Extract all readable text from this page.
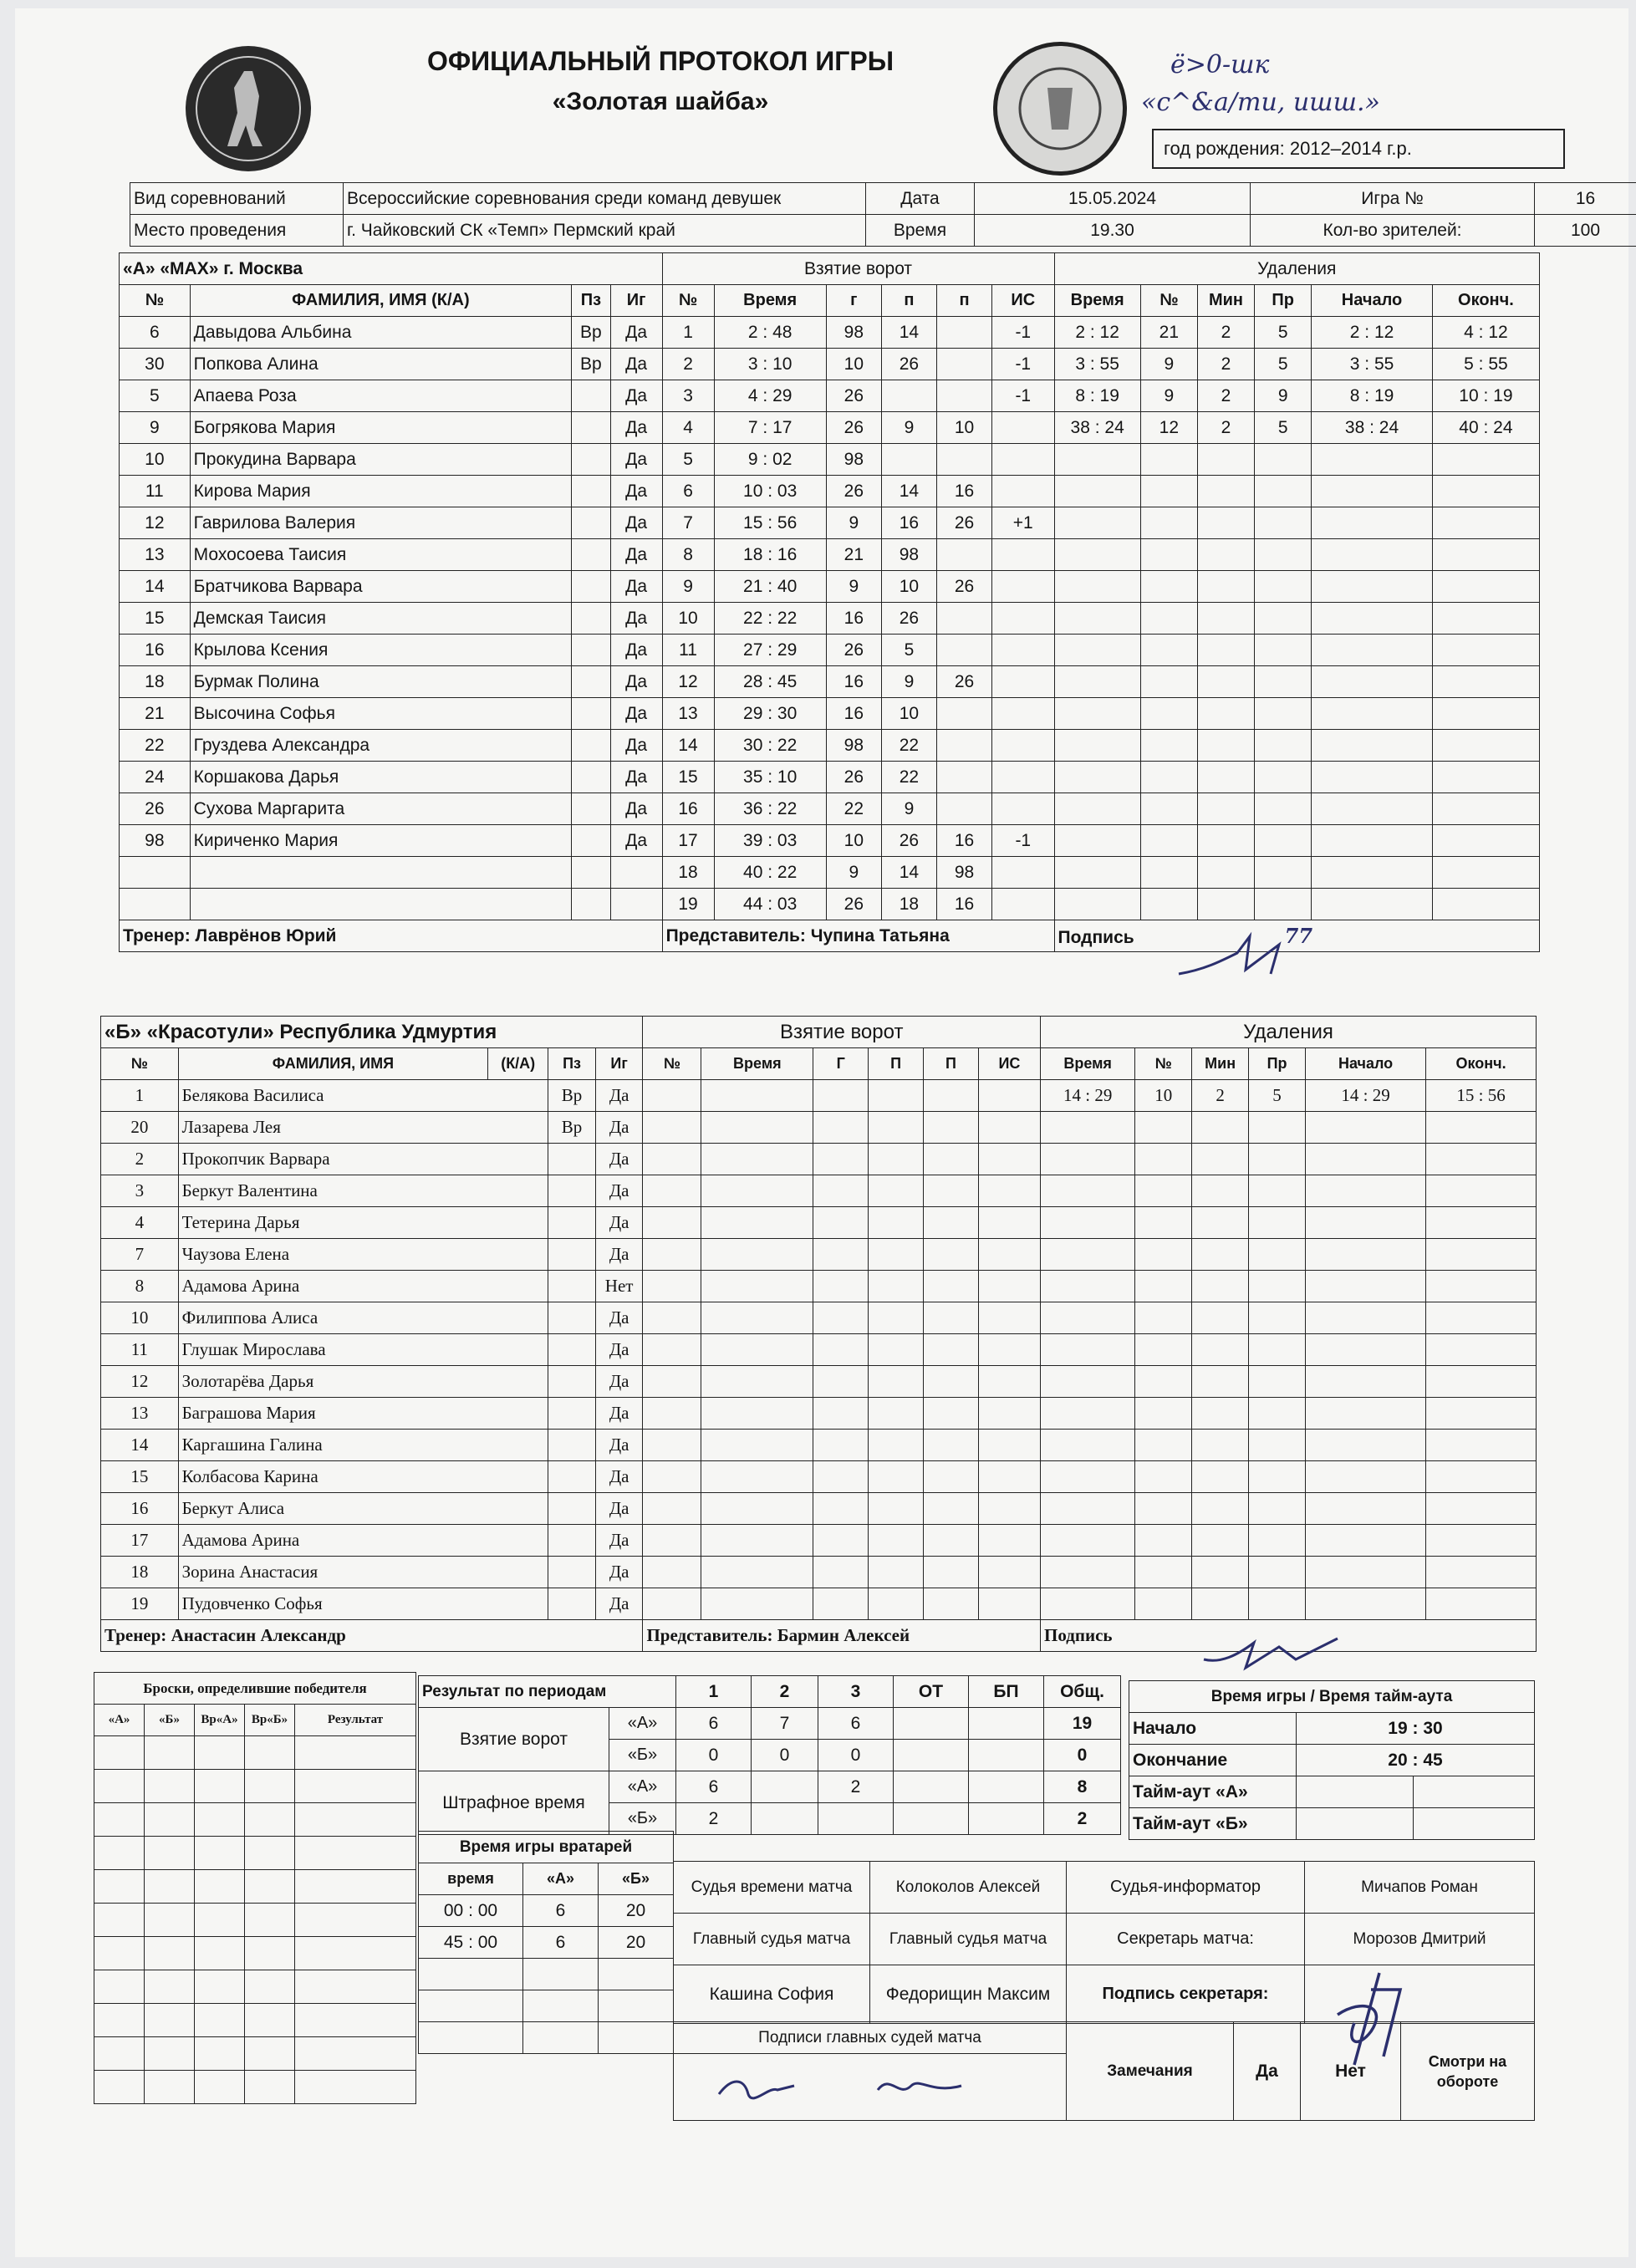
ОФИЦИАЛЬНЫЙ ПРОТОКОЛ ИГРЫ
«Золотая шайба»
ё>0-шк
«с^&а/ти, ишш.»
год рождения: 2012–2014 г.р.
Вид соревнований	Всероссийские соревнования среди команд девушек	Дата	15.05.2024	Игра №	16
Место проведения	г. Чайковский СК «Темп» Пермский край	Время	19.30	Кол-во зрителей:	100
«А» «MAX» г. Москва				Взятие ворот						Удаления					
№	ФАМИЛИЯ, ИМЯ (К/А)	Пз	Иг	№	Время	г	п	п	ИС	Время	№	Мин	Пр	Начало	Оконч.
6	Давыдова Альбина	Вр	Да	1	2 : 48	98	14		-1	2 : 12	21	2	5	2 : 12	4 : 12
30	Попкова Алина	Вр	Да	2	3 : 10	10	26		-1	3 : 55	9	2	5	3 : 55	5 : 55
5	Апаева Роза		Да	3	4 : 29	26			-1	8 : 19	9	2	9	8 : 19	10 : 19
9	Богрякова Мария		Да	4	7 : 17	26	9	10		38 : 24	12	2	5	38 : 24	40 : 24
10	Прокудина Варвара		Да	5	9 : 02	98									
11	Кирова Мария		Да	6	10 : 03	26	14	16							
12	Гаврилова Валерия		Да	7	15 : 56	9	16	26	+1						
13	Мохосоева Таисия		Да	8	18 : 16	21	98								
14	Братчикова Варвара		Да	9	21 : 40	9	10	26							
15	Демская Таисия		Да	10	22 : 22	16	26								
16	Крылова Ксения		Да	11	27 : 29	26	5								
18	Бурмак Полина		Да	12	28 : 45	16	9	26							
21	Высочина Софья		Да	13	29 : 30	16	10								
22	Груздева Александра		Да	14	30 : 22	98	22								
24	Коршакова Дарья		Да	15	35 : 10	26	22								
26	Сухова Маргарита		Да	16	36 : 22	22	9								
98	Кириченко Мария		Да	17	39 : 03	10	26	16	-1						
				18	40 : 22	9	14	98							
				19	44 : 03	26	18	16							
Тренер: Лаврёнов Юрий				Представитель: Чупина Татьяна						Подпись 77					
«Б» «Красотули» Республика Удмуртия					Взятие ворот						Удаления					
№	ФАМИЛИЯ, ИМЯ	(К/А)	Пз	Иг	№	Время	Г	П	П	ИС	Время	№	Мин	Пр	Начало	Оконч.
1	Белякова Василиса		Вр	Да							14 : 29	10	2	5	14 : 29	15 : 56
20	Лазарева Лея		Вр	Да												
2	Прокопчик Варвара			Да												
3	Беркут Валентина			Да												
4	Тетерина Дарья			Да												
7	Чаузова Елена			Да												
8	Адамова Арина			Нет												
10	Филиппова Алиса			Да												
11	Глушак Мирослава			Да												
12	Золотарёва Дарья			Да												
13	Баграшова Мария			Да												
14	Каргашина Галина			Да												
15	Колбасова Карина			Да												
16	Беркут Алиса			Да												
17	Адамова Арина			Да												
18	Зорина Анастасия			Да												
19	Пудовченко Софья			Да												
Тренер: Анастасин Александр					Представитель: Бармин Алексей						Подпись					
Броски, определившие победителя				
«А»	«Б»	Вр«А»	Вр«Б»	Результат

Результат по периодам		1	2	3	ОТ	БП	Общ.
Взятие ворот	«А»	6	7	6			19
	«Б»	0	0	0			0
Штрафное время	«А»	6		2			8
	«Б»	2					2
Время игры / Время тайм-аута		
Начало	19 : 30	
Окончание	20 : 45	
Тайм-аут «А»		
Тайм-аут «Б»		
Время игры вратарей		
время	«А»	«Б»
00 : 00	6	20
45 : 00	6	20

Судья времени матча	Колоколов Алексей	Судья-информатор	Мичапов Роман
Главный судья матча	Главный судья матча	Секретарь матча:	Морозов Дмитрий
Кашина София	Федорищин Максим	Подпись секретаря:	
Подписи главных судей матча	Замечания	Да	Нет	Смотри на обороте
